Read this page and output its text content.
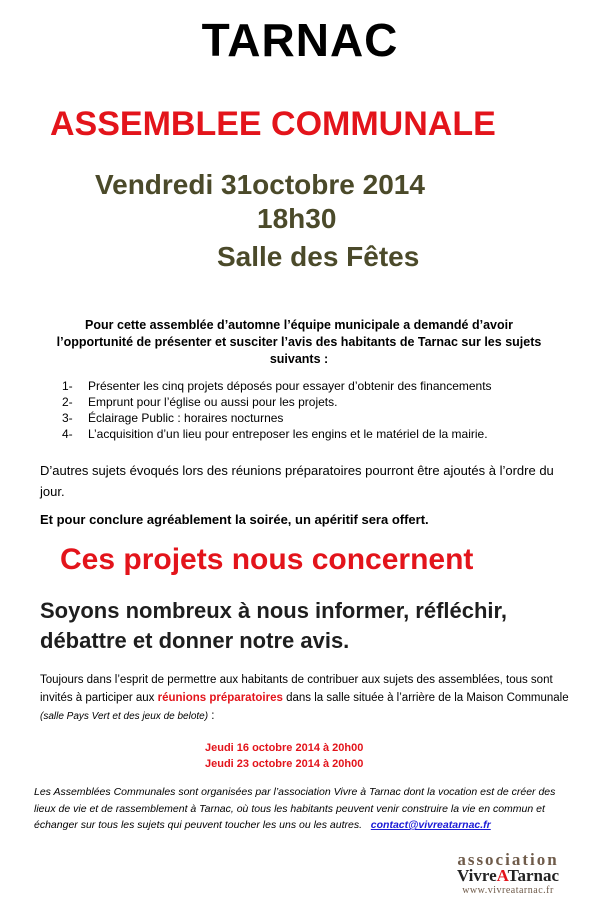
TARNAC
ASSEMBLEE COMMUNALE
Vendredi 31octobre 2014
18h30
Salle des Fêtes
Pour cette assemblée d’automne l’équipe municipale a demandé d’avoir l’opportunité de présenter et susciter l’avis des habitants de Tarnac sur les sujets suivants :
1- Présenter les cinq projets déposés pour essayer d’obtenir des financements
2- Emprunt pour l’église ou aussi pour les projets.
3- Éclairage Public : horaires nocturnes
4- L’acquisition d’un lieu pour entreposer les engins et le matériel de la mairie.
D’autres sujets évoqués lors des réunions préparatoires pourront être ajoutés à l’ordre du jour.
Et pour conclure agréablement la soirée, un apéritif sera offert.
Ces projets nous concernent
Soyons nombreux à nous informer, réfléchir, débattre et donner notre avis.
Toujours dans l’esprit de permettre aux habitants de contribuer aux sujets des assemblées, tous sont invités à participer aux réunions préparatoires dans la salle située à l’arrière de la Maison Communale (salle Pays Vert et des jeux de belote) :
Jeudi 16 octobre 2014 à 20h00
Jeudi 23 octobre 2014 à 20h00
Les Assemblées Communales sont organisées par l’association Vivre à Tarnac dont la vocation est de créer des lieux de vie et de rassemblement à Tarnac, où tous les habitants peuvent venir construire la vie en commun et échanger sur tous les sujets qui peuvent toucher les uns ou les autres. contact@vivreatarnac.fr
association
VivreATarnac
www.vivreatarnac.fr
